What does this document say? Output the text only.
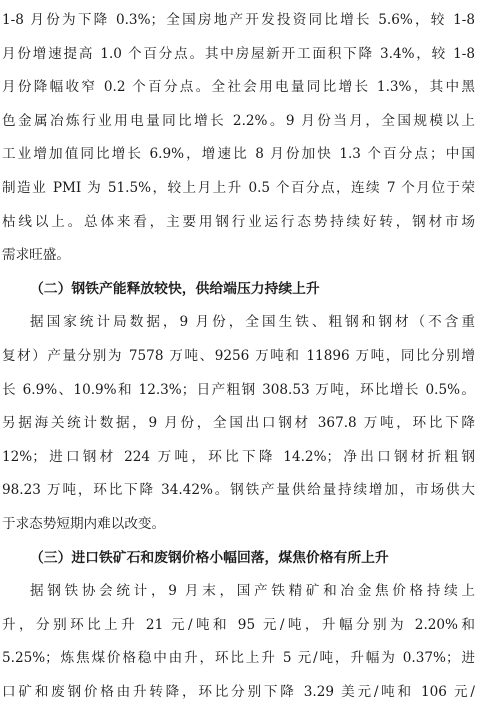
1-8 月份为下降 0.3%；全国房地产开发投资同比增长 5.6%，较 1-8
月份增速提高 1.0 个百分点。其中房屋新开工面积下降 3.4%，较 1-8
月份降幅收窄 0.2 个百分点。全社会用电量同比增长 1.3%，其中黑
色金属冶炼行业用电量同比增长 2.2%。9 月份当月，全国规模以上
工业增加值同比增长 6.9%，增速比 8 月份加快 1.3 个百分点；中国
制造业 PMI 为 51.5%，较上月上升 0.5 个百分点，连续 7 个月位于荣
枯线以上。总体来看，主要用钢行业运行态势持续好转，钢材市场
需求旺盛。
（二）钢铁产能释放较快，供给端压力持续上升
据国家统计局数据，9 月份，全国生铁、粗钢和钢材（不含重
复材）产量分别为 7578 万吨、9256 万吨和 11896 万吨，同比分别增
长 6.9%、10.9%和 12.3%；日产粗钢 308.53 万吨，环比增长 0.5%。
另据海关统计数据，9 月份，全国出口钢材 367.8 万吨，环比下降
12%；进口钢材 224 万吨，环比下降 14.2%；净出口钢材折粗钢
98.23 万吨，环比下降 34.42%。钢铁产量供给量持续增加，市场供大
于求态势短期内难以改变。
（三）进口铁矿石和废钢价格小幅回落，煤焦价格有所上升
据钢铁协会统计，9 月末，国产铁精矿和冶金焦价格持续上
升，分别环比上升 21 元/吨和 95 元/吨，升幅分别为 2.20%和
5.25%；炼焦煤价格稳中由升，环比上升 5 元/吨，升幅为 0.37%；进
口矿和废钢价格由升转降，环比分别下降 3.29 美元/吨和 106 元/
